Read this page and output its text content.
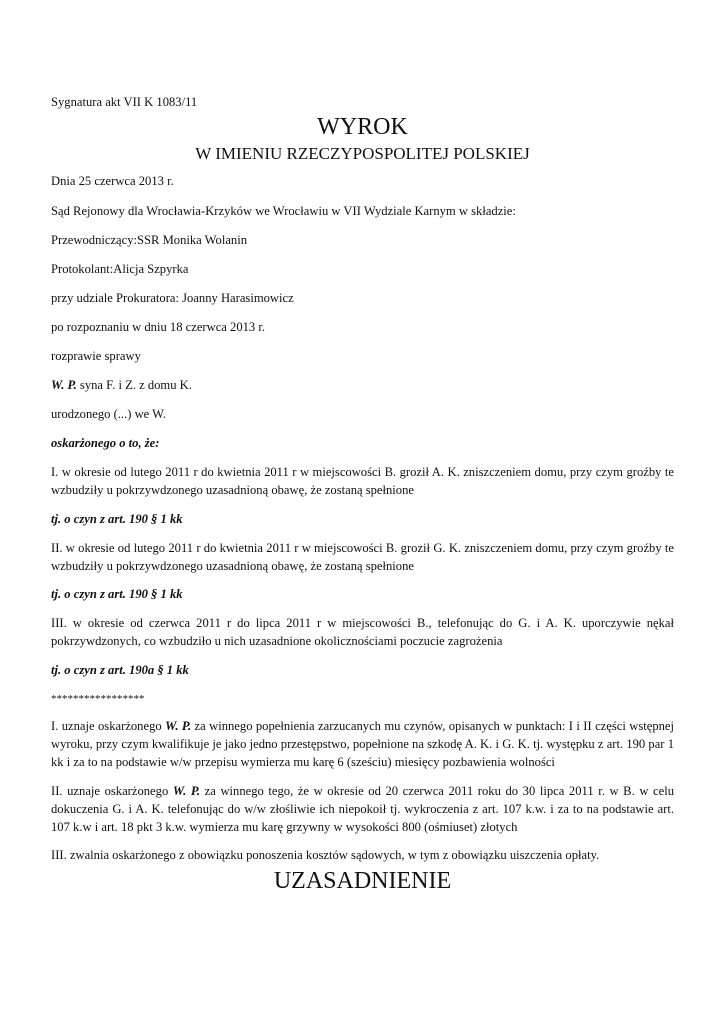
Sygnatura akt VII K 1083/11

WYROK
W IMIENIU RZECZYPOSPOLITEJ POLSKIEJ

Dnia 25 czerwca 2013 r.

Sąd Rejonowy dla Wrocławia-Krzyków we Wrocławiu w VII Wydziale Karnym w składzie:

Przewodniczący:SSR Monika Wolanin

Protokolant:Alicja Szpyrka

przy udziale Prokuratora: Joanny Harasimowicz

po rozpoznaniu w dniu 18 czerwca 2013 r.

rozprawie sprawy

W. P. syna F. i Z. z domu K.

urodzonego (...) we W.

oskarżonego o to, że:

I. w okresie od lutego 2011 r do kwietnia 2011 r w miejscowości B. groził A. K. zniszczeniem domu, przy czym groźby te wzbudziły u pokrzywdzonego uzasadnioną obawę, że zostaną spełnione

tj. o czyn z art. 190 § 1 kk

II. w okresie od lutego 2011 r do kwietnia 2011 r w miejscowości B. groził G. K. zniszczeniem domu, przy czym groźby te wzbudziły u pokrzywdzonego uzasadnioną obawę, że zostaną spełnione

tj. o czyn z art. 190 § 1 kk

III. w okresie od czerwca 2011 r do lipca 2011 r w miejscowości B., telefonując do G. i A. K. uporczywie nękał pokrzywdzonych, co wzbudziło u nich uzasadnione okolicznościami poczucie zagrożenia

tj. o czyn z art. 190a § 1 kk

*****************

I. uznaje oskarżonego W. P. za winnego popełnienia zarzucanych mu czynów, opisanych w punktach: I i II części wstępnej wyroku, przy czym kwalifikuje je jako jedno przestępstwo, popełnione na szkodę A. K. i G. K. tj. występku z art. 190 par 1 kk i za to na podstawie w/w przepisu wymierza mu karę 6 (sześciu) miesięcy pozbawienia wolności

II. uznaje oskarżonego W. P. za winnego tego, że w okresie od 20 czerwca 2011 roku do 30 lipca 2011 r. w B. w celu dokuczenia G. i A. K. telefonując do w/w złośliwie ich niepokoił tj. wykroczenia z art. 107 k.w. i za to na podstawie art. 107 k.w i art. 18 pkt 3 k.w. wymierza mu karę grzywny w wysokości 800 (ośmiuset) złotych

III. zwalnia oskarżonego z obowiązku ponoszenia kosztów sądowych, w tym z obowiązku uiszczenia opłaty.

UZASADNIENIE
